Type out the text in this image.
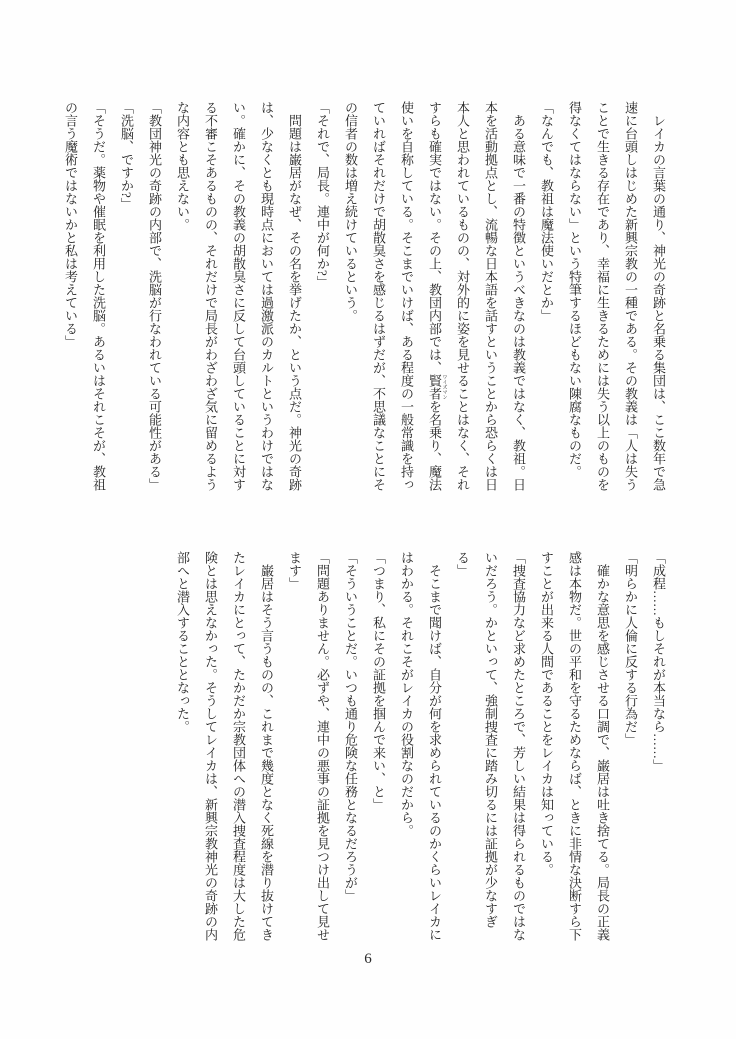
　レイカの言葉の通り、神光の奇跡と名乗る集団は、ここ数年で急速に台頭しはじめた新興宗教の一種である。その教義は「人は失うことで生きる存在であり、幸福に生きるためには失う以上のものを得なくてはならない」という特筆するほどもない陳腐なものだ。

「なんでも、教祖は魔法使いだとか」

　ある意味で一番の特徴というべきなのは教義ではなく、教祖。日本を活動拠点とし、流暢な日本語を話すということから恐らくは日本人と思われているものの、対外的に姿を見せることはなく、それすらも確実ではない。その上、教団内部では、賢者 ワイズマンを名乗り、魔法使いを自称している。そこまでいけば、ある程度の一般常識を持っていればそれだけで胡散臭さを感じるはずだが、不思議なことにその信者の数は増え続けているという。

「それで、局長。連中が何か?」

　問題は巌居がなぜ、その名を挙げたか、という点だ。神光の奇跡は、少なくとも現時点においては過激派のカルトというわけではない。確かに、その教義の胡散臭さに反して台頭していることに対する不審こそあるものの、それだけで局長がわざわざ気に留めるような内容とも思えない。

「教団神光の奇跡の内部で、洗脳が行なわれている可能性がある」

「洗脳、ですか?」

「そうだ。薬物や催眠を利用した洗脳。あるいはそれこそが、教祖の言う魔術ではないかと私は考えている」

「成程……もしそれが本当なら……」

「明らかに人倫に反する行為だ」

　確かな意思を感じさせる口調で、巌居は吐き捨てる。局長の正義感は本物だ。世の平和を守るためならば、ときに非情な決断すら下すことが出来る人間であることをレイカは知っている。

「捜査協力など求めたところで、芳しい結果は得られるものではないだろう。かといって、強制捜査に踏み切るには証拠が少なすぎる」

　そこまで聞けば、自分が何を求められているのかくらいレイカにはわかる。それこそがレイカの役割なのだから。

「つまり、私にその証拠を掴んで来い、と」

「そういうことだ。いつも通り危険な任務となるだろうが」

「問題ありません。必ずや、連中の悪事の証拠を見つけ出して見せます」

　巌居はそう言うものの、これまで幾度となく死線を潜り抜けてきたレイカにとって、たかだか宗教団体への潜入捜査程度は大した危険とは思えなかった。そうしてレイカは、新興宗教神光の奇跡の内部へと潜入することとなった。

6
